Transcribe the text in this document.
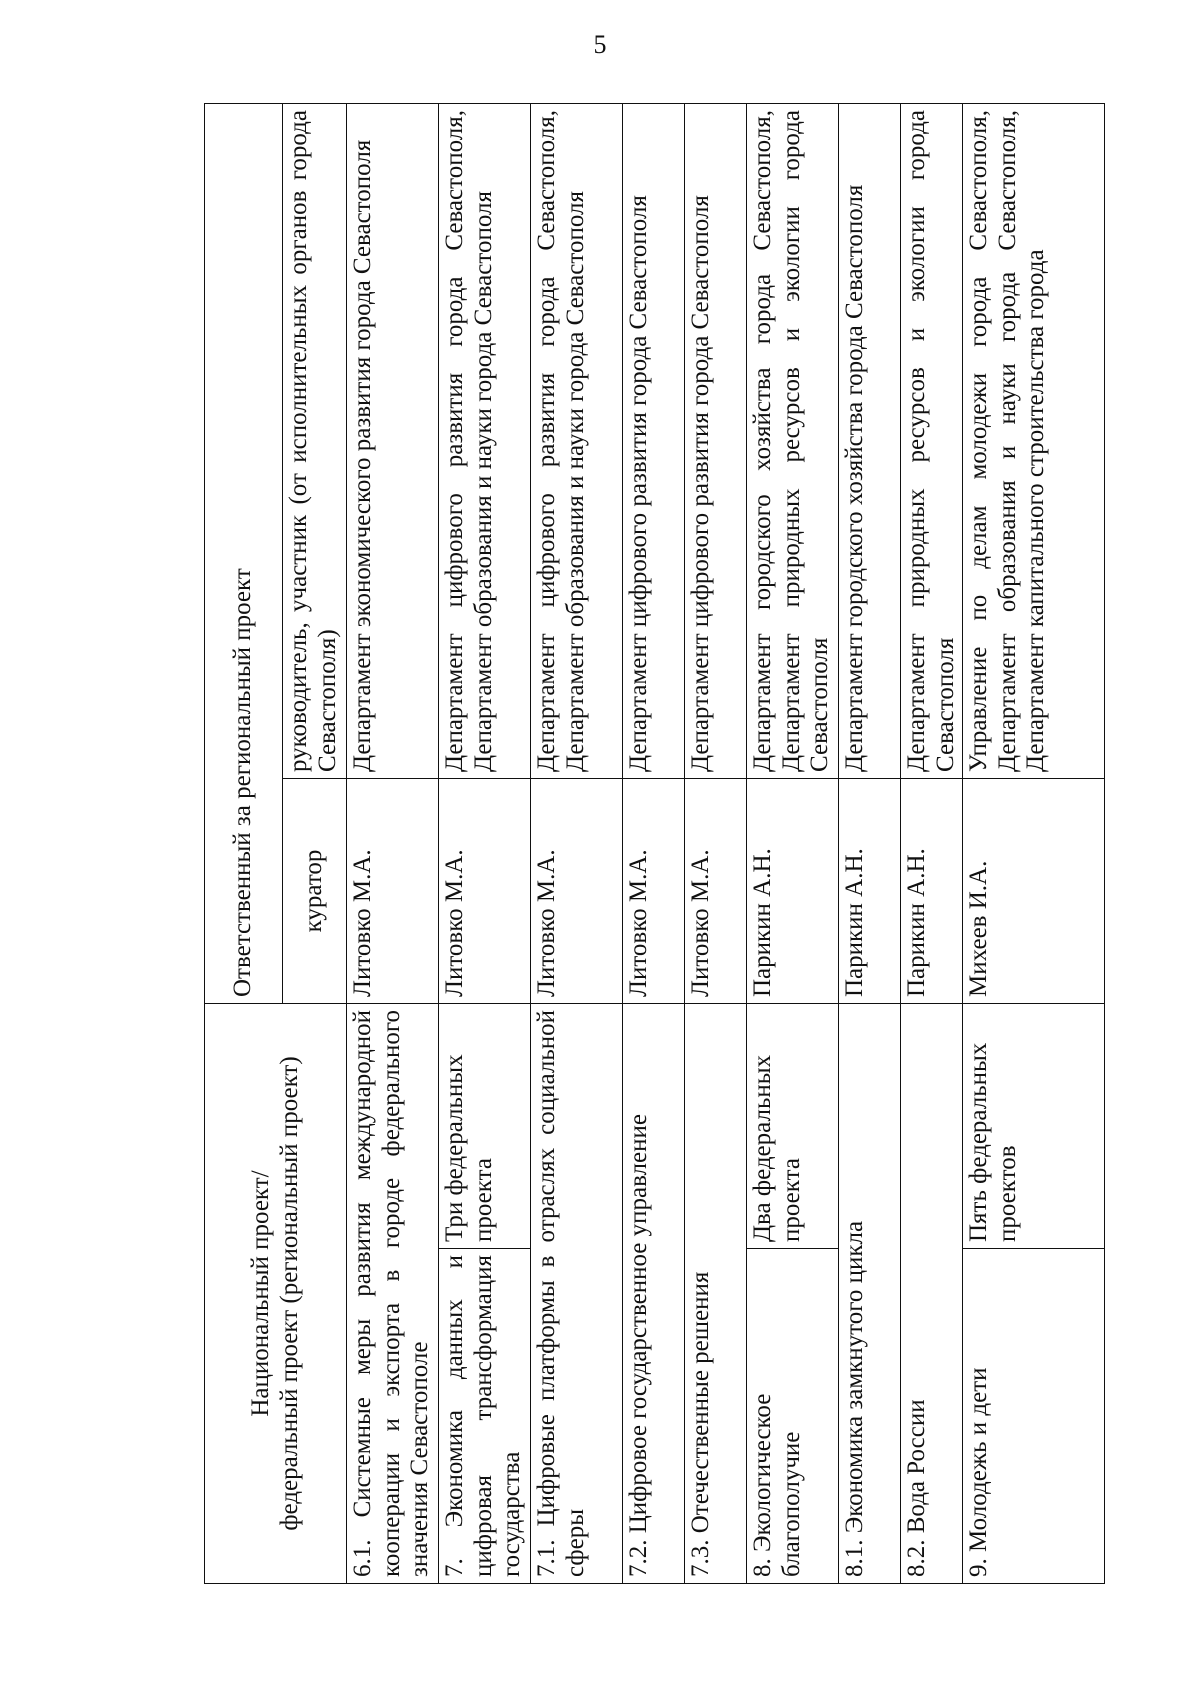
5
Национальный проект/
федеральный проект (региональный проект)		Ответственный за региональный проект	
		куратор	руководитель, участник (от исполнительных органов города Севастополя)
6.1. Системные меры развития международной кооперации и экспорта в городе федерального значения Севастополе		Литовко М.А.	Департамент экономического развития города Севастополя
7. Экономика данных и цифровая трансформация государства	Три федеральных проекта	Литовко М.А.	Департамент цифрового развития города Севастополя, Департамент образования и науки города Севастополя
7.1. Цифровые платформы в отраслях социальной сферы		Литовко М.А.	Департамент цифрового развития города Севастополя, Департамент образования и науки города Севастополя
7.2. Цифровое государственное управление		Литовко М.А.	Департамент цифрового развития города Севастополя
7.3. Отечественные решения		Литовко М.А.	Департамент цифрового развития города Севастополя
8. Экологическое благополучие	Два федеральных проекта	Парикин А.Н.	Департамент городского хозяйства города Севастополя, Департамент природных ресурсов и экологии города Севастополя
8.1. Экономика замкнутого цикла		Парикин А.Н.	Департамент городского хозяйства города Севастополя
8.2. Вода России		Парикин А.Н.	Департамент природных ресурсов и экологии города Севастополя
9. Молодежь и дети	Пять федеральных проектов	Михеев И.А.	Управление по делам молодежи города Севастополя, Департамент образования и науки города Севастополя, Департамент капитального строительства города
